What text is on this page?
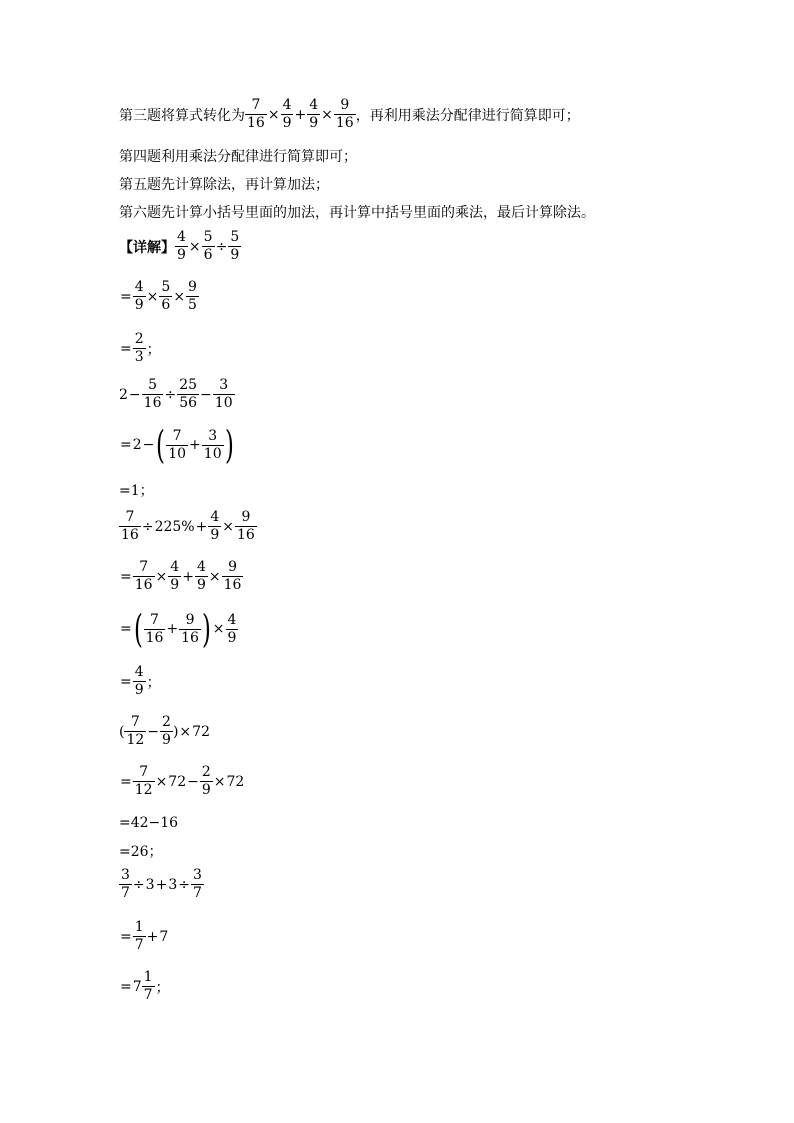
第三题将算式转化为 $\frac{7}{16} \times \frac{4}{9} + \frac{4}{9} \times \frac{9}{16}$ ，再利用乘法分配律进行简算即可；
第四题利用乘法分配律进行简算即可；
第五题先计算除法，再计算加法；
第六题先计算小括号里面的加法，再计算中括号里面的乘法，最后计算除法。
【详解】 $\frac{4}{9} \times \frac{5}{6} \div \frac{5}{9}$
= $\frac{4}{9} \times \frac{5}{6} \times \frac{9}{5}$
= $\frac{2}{3}$ ；
$2 - \frac{5}{16} \div \frac{25}{56} - \frac{3}{10}$
= 2 − ( $\frac{7}{10} + \frac{3}{10}$ )
=1；
$\frac{7}{16} \div 225\% + \frac{4}{9} \times \frac{9}{16}$
= $\frac{7}{16} \times \frac{4}{9} + \frac{4}{9} \times \frac{9}{16}$
= ( $\frac{7}{16} + \frac{9}{16}$ ) × $\frac{4}{9}$
= $\frac{4}{9}$ ；
( $\frac{7}{12} - \frac{2}{9}$ ) × 72
= $\frac{7}{12} \times 72 - \frac{2}{9} \times 72$
=42−16
=26；
$\frac{3}{7} \div 3 + 3 \div \frac{3}{7}$
= $\frac{1}{7} + 7$
= $7 \frac{1}{7}$ ；
